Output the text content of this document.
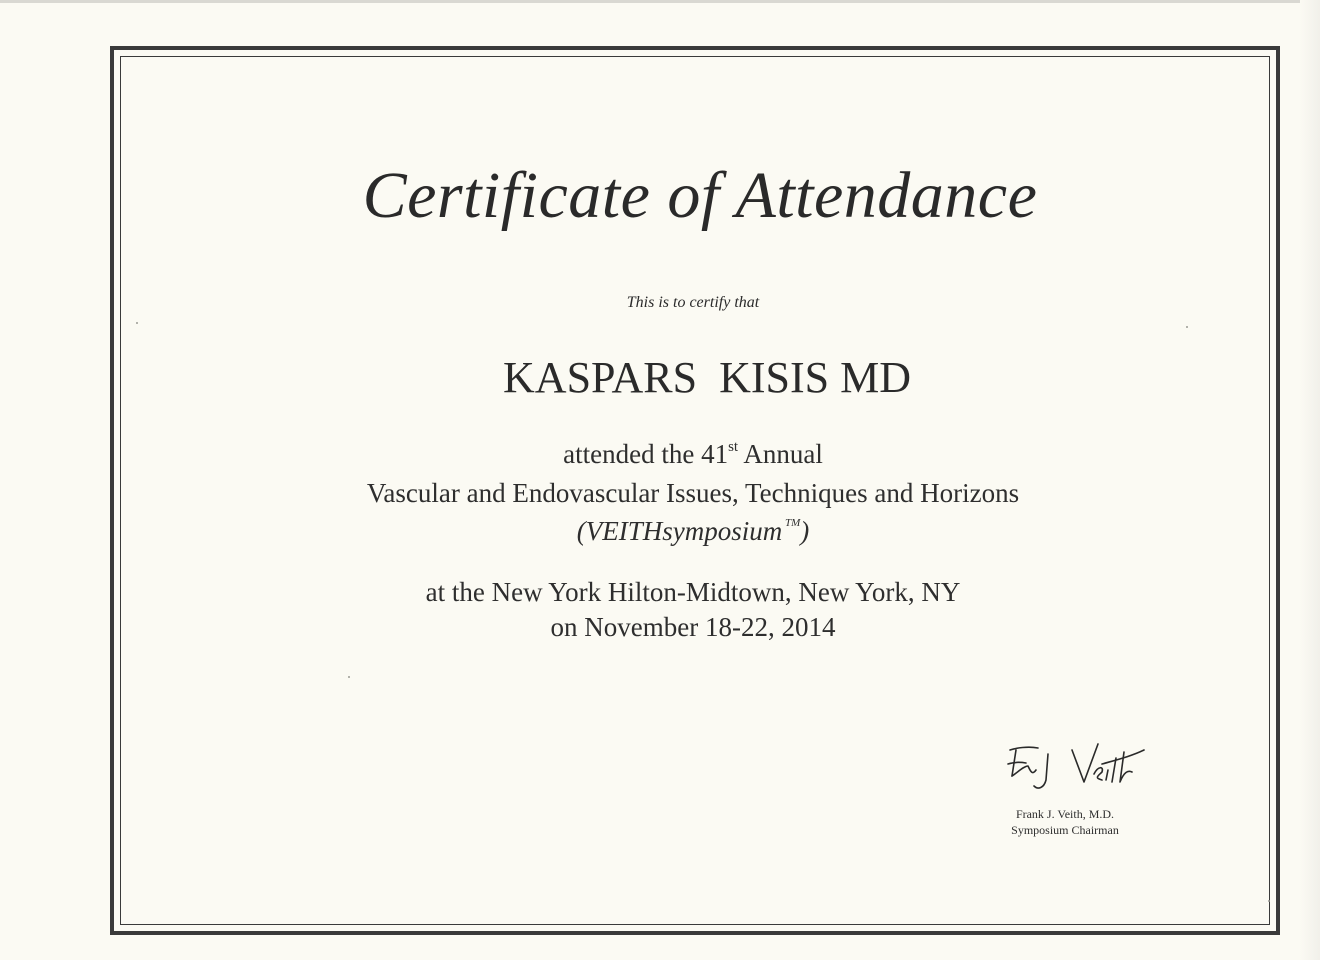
Certificate of Attendance
This is to certify that
KASPARS  KISIS MD
attended the 41st Annual
Vascular and Endovascular Issues, Techniques and Horizons
(VEITHsymposium ™)
at the New York Hilton-Midtown, New York, NY
on November 18-22, 2014
Frank J. Veith, M.D.
Symposium Chairman
